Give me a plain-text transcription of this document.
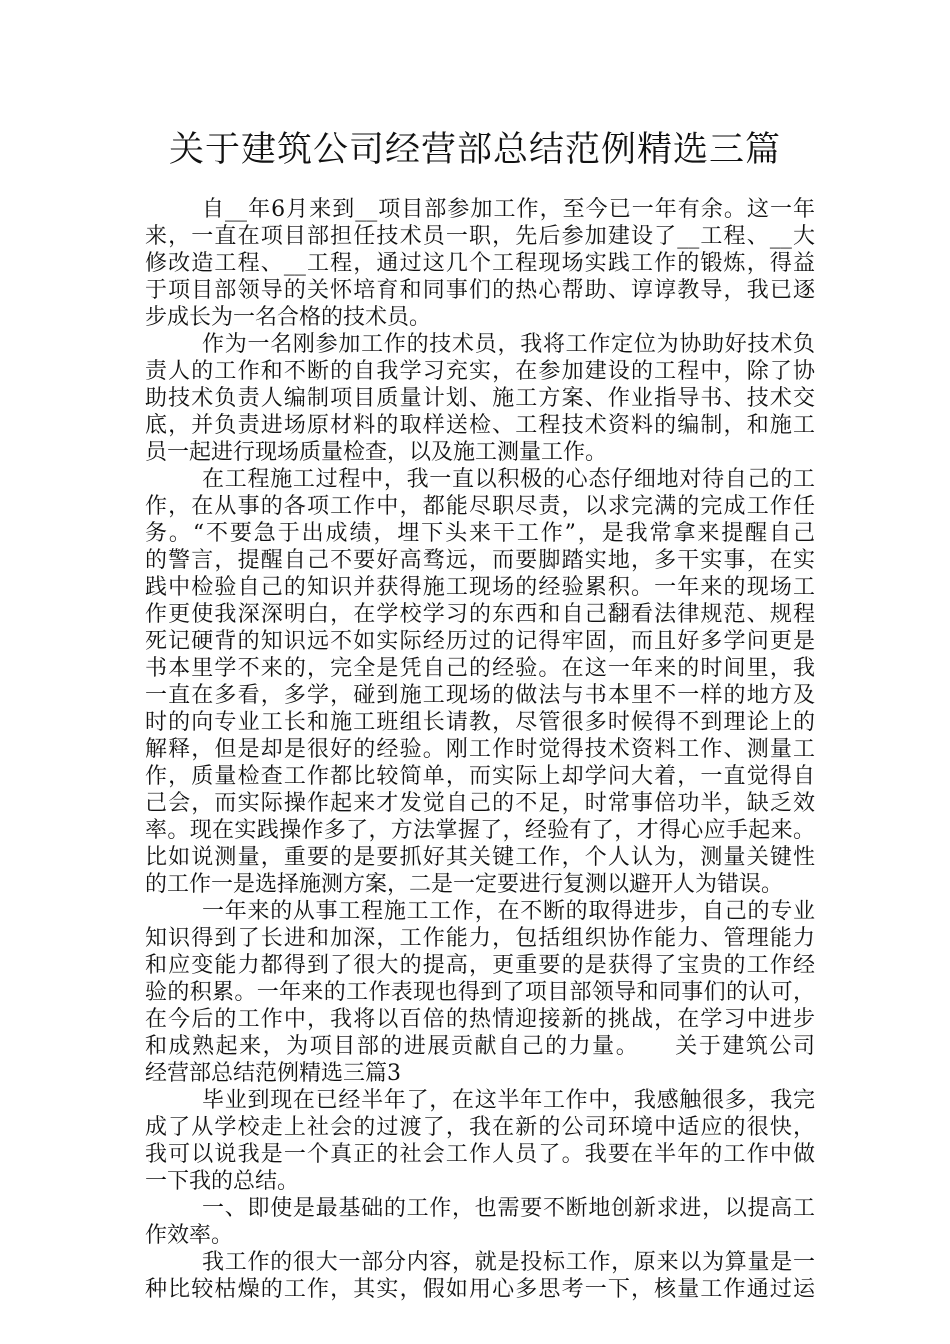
关于建筑公司经营部总结范例精选三篇
自__年6月来到__项目部参加工作，至今已一年有余。这一年
来，一直在项目部担任技术员一职，先后参加建设了__工程、__大
修改造工程、__工程，通过这几个工程现场实践工作的锻炼，得益
于项目部领导的关怀培育和同事们的热心帮助、谆谆教导，我已逐
步成长为一名合格的技术员。
作为一名刚参加工作的技术员，我将工作定位为协助好技术负
责人的工作和不断的自我学习充实，在参加建设的工程中，除了协
助技术负责人编制项目质量计划、施工方案、作业指导书、技术交
底，并负责进场原材料的取样送检、工程技术资料的编制，和施工
员一起进行现场质量检查，以及施工测量工作。
在工程施工过程中，我一直以积极的心态仔细地对待自己的工
作，在从事的各项工作中，都能尽职尽责，以求完满的完成工作任
务。“不要急于出成绩，埋下头来干工作”，是我常拿来提醒自己
的警言，提醒自己不要好高骛远，而要脚踏实地，多干实事，在实
践中检验自己的知识并获得施工现场的经验累积。一年来的现场工
作更使我深深明白，在学校学习的东西和自己翻看法律规范、规程
死记硬背的知识远不如实际经历过的记得牢固，而且好多学问更是
书本里学不来的，完全是凭自己的经验。在这一年来的时间里，我
一直在多看，多学，碰到施工现场的做法与书本里不一样的地方及
时的向专业工长和施工班组长请教，尽管很多时候得不到理论上的
解释，但是却是很好的经验。刚工作时觉得技术资料工作、测量工
作，质量检查工作都比较简单，而实际上却学问大着，一直觉得自
己会，而实际操作起来才发觉自己的不足，时常事倍功半，缺乏效
率。现在实践操作多了，方法掌握了，经验有了，才得心应手起来。
比如说测量，重要的是要抓好其关键工作，个人认为，测量关键性
的工作一是选择施测方案，二是一定要进行复测以避开人为错误。
一年来的从事工程施工工作，在不断的取得进步，自己的专业
知识得到了长进和加深，工作能力，包括组织协作能力、管理能力
和应变能力都得到了很大的提高，更重要的是获得了宝贵的工作经
验的积累。一年来的工作表现也得到了项目部领导和同事们的认可，
在今后的工作中，我将以百倍的热情迎接新的挑战，在学习中进步
和成熟起来，为项目部的进展贡献自己的力量。　　关于建筑公司
经营部总结范例精选三篇3
毕业到现在已经半年了，在这半年工作中，我感触很多，我完
成了从学校走上社会的过渡了，我在新的公司环境中适应的很快，
我可以说我是一个真正的社会工作人员了。我要在半年的工作中做
一下我的总结。
一、即使是最基础的工作，也需要不断地创新求进，以提高工
作效率。
我工作的很大一部分内容，就是投标工作，原来以为算量是一
种比较枯燥的工作，其实，假如用心多思考一下，核量工作通过运
